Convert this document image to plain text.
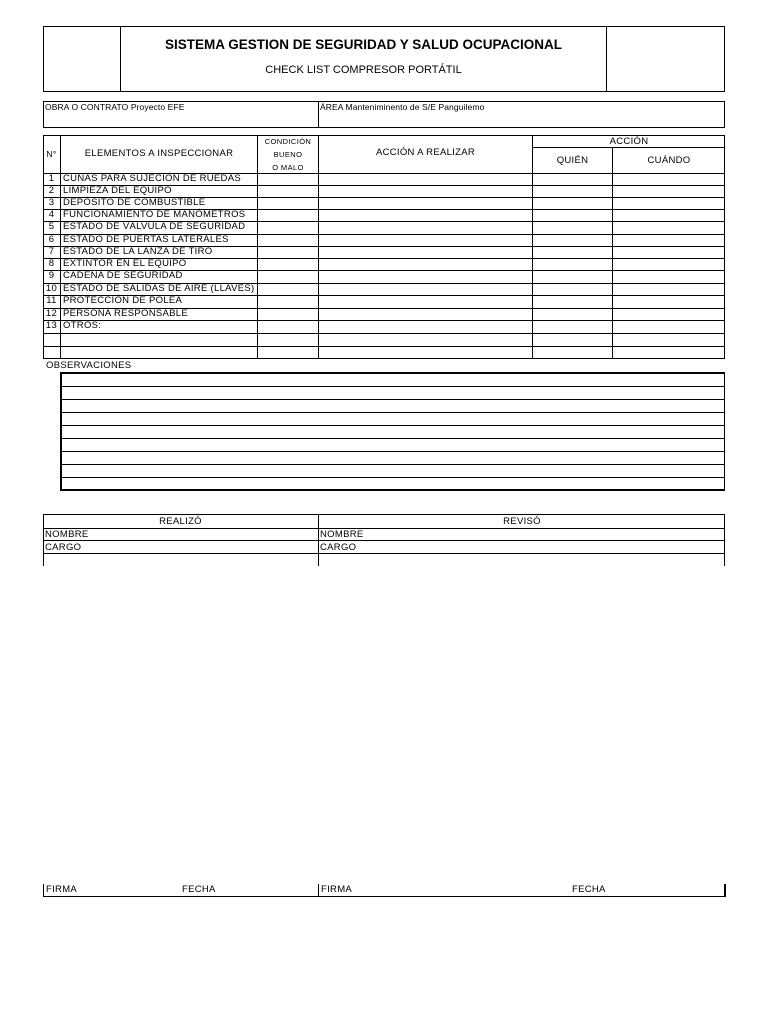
SISTEMA GESTION DE SEGURIDAD Y SALUD OCUPACIONAL
CHECK LIST COMPRESOR PORTÁTIL
OBRA O CONTRATO Proyecto EFE	ÁREA Manteniminento de S/E Panguilemo
N°	ELEMENTOS A INSPECCIONAR
CONDICIÓN
BUENO
O MALO
ACCIÓN A REALIZAR
ACCIÓN
QUIÉN	CUÁNDO
1 CUÑAS PARA SUJECIÓN DE RUEDAS
2 LIMPIEZA DEL EQUIPO
3 DEPÓSITO DE COMBUSTIBLE
4 FUNCIONAMIENTO DE MANÓMETROS
5 ESTADO DE VÁLVULA DE SEGURIDAD
6 ESTADO DE PUERTAS LATERALES
7 ESTADO DE LA LANZA DE TIRO
8 EXTINTOR EN EL EQUIPO
9 CADENA DE SEGURIDAD
10 ESTADO DE SALIDAS DE AIRE (LLAVES)
11 PROTECCIÓN DE POLEA
12 PERSONA RESPONSABLE
13 OTROS:
OBSERVACIONES
REALIZÓ	REVISÓ
NOMBRE	NOMBRE
CARGO	CARGO
FIRMA	FECHA	FIRMA	FECHA
